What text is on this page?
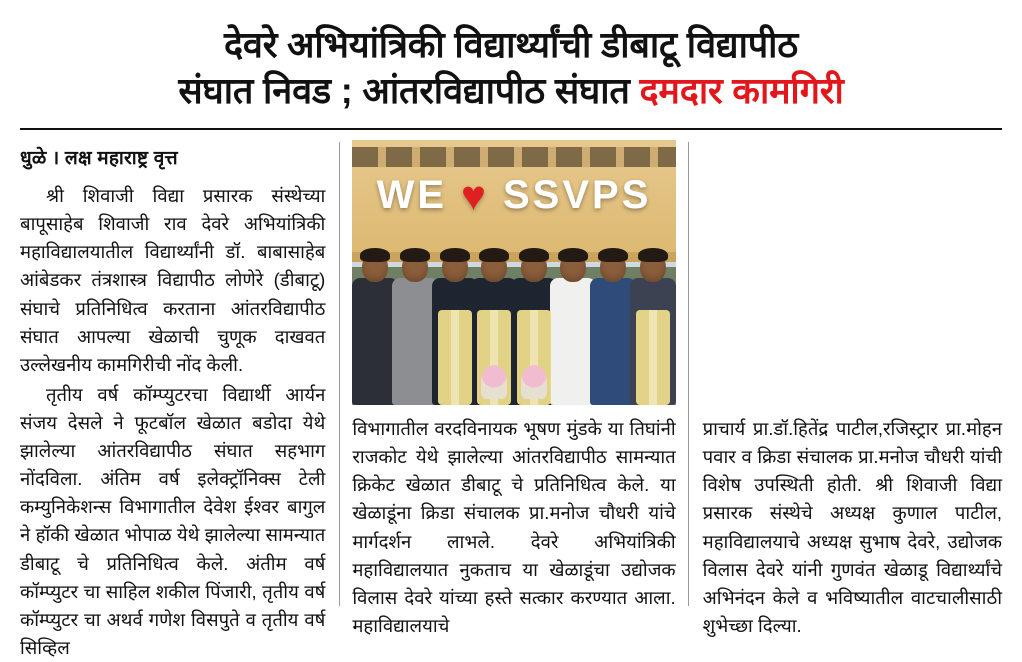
देवरे अभियांत्रिकी विद्यार्थ्यांची डीबाटू विद्यापीठ
संघात निवड ; आंतरविद्यापीठ संघात दमदार कामगिरी
धुळे । लक्ष महाराष्ट्र वृत्त

श्री शिवाजी विद्या प्रसारक संस्थेच्या बापूसाहेब शिवाजी राव देवरे अभियांत्रिकी महाविद्यालयातील विद्यार्थ्यांनी डॉ. बाबासाहेब आंबेडकर तंत्रशास्त्र विद्यापीठ लोणेरे (डीबाटू) संघाचे प्रतिनिधित्व करताना आंतरविद्यापीठ संघात आपल्या खेळाची चुणूक दाखवत उल्लेखनीय कामगिरीची नोंद केली.

तृतीय वर्ष कॉम्प्युटरचा विद्यार्थी आर्यन संजय देसले ने फूटबॉल खेळात बडोदा येथे झालेल्या आंतरविद्यापीठ संघात सहभाग नोंदविला. अंतिम वर्ष इलेक्ट्रॉनिक्स टेली कम्युनिकेशन्स विभागातील देवेश ईश्वर बागुल ने हॉकी खेळात भोपाळ येथे झालेल्या सामन्यात डीबाटू चे प्रतिनिधित्व केले. अंतीम वर्ष कॉम्प्युटर चा साहिल शकील पिंजारी, तृतीय वर्ष कॉम्प्युटर चा अथर्व गणेश विसपुते व तृतीय वर्ष सिव्हिल

WE ♥ SSVPS

विभागातील वरदविनायक भूषण मुंडके या तिघांनी राजकोट येथे झालेल्या आंतरविद्यापीठ सामन्यात क्रिकेट खेळात डीबाटू चे प्रतिनिधित्व केले. या खेळाडूंना क्रिडा संचालक प्रा.मनोज चौधरी यांचे मार्गदर्शन लाभले. देवरे अभियांत्रिकी महाविद्यालयात नुकताच या खेळाडूंचा उद्योजक विलास देवरे यांच्या हस्ते सत्कार करण्यात आला. महाविद्यालयाचे

प्राचार्य प्रा.डॉ.हितेंद्र पाटील,रजिस्ट्रार प्रा.मोहन पवार व क्रिडा संचालक प्रा.मनोज चौधरी यांची विशेष उपस्थिती होती. श्री शिवाजी विद्या प्रसारक संस्थेचे अध्यक्ष कुणाल पाटील, महाविद्यालयाचे अध्यक्ष सुभाष देवरे, उद्योजक विलास देवरे यांनी गुणवंत खेळाडू विद्यार्थ्यांचे अभिनंदन केले व भविष्यातील वाटचालीसाठी शुभेच्छा दिल्या.
